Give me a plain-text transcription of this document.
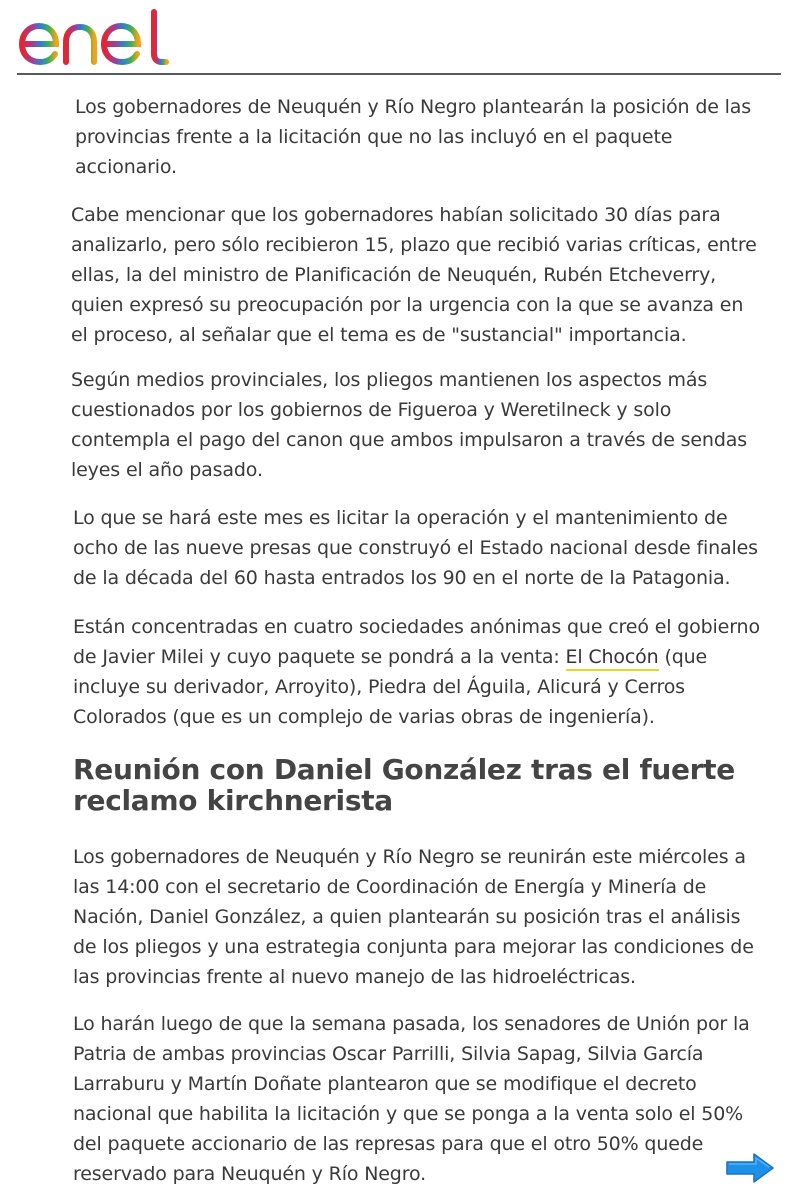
Los gobernadores de Neuquén y Río Negro plantearán la posición de las provincias frente a la licitación que no las incluyó en el paquete accionario.

Cabe mencionar que los gobernadores habían solicitado 30 días para analizarlo, pero sólo recibieron 15, plazo que recibió varias críticas, entre ellas, la del ministro de Planificación de Neuquén, Rubén Etcheverry, quien expresó su preocupación por la urgencia con la que se avanza en el proceso, al señalar que el tema es de "sustancial" importancia.

Según medios provinciales, los pliegos mantienen los aspectos más cuestionados por los gobiernos de Figueroa y Weretilneck y solo contempla el pago del canon que ambos impulsaron a través de sendas leyes el año pasado.

Lo que se hará este mes es licitar la operación y el mantenimiento de ocho de las nueve presas que construyó el Estado nacional desde finales de la década del 60 hasta entrados los 90 en el norte de la Patagonia.

Están concentradas en cuatro sociedades anónimas que creó el gobierno de Javier Milei y cuyo paquete se pondrá a la venta: El Chocón (que incluye su derivador, Arroyito), Piedra del Águila, Alicurá y Cerros Colorados (que es un complejo de varias obras de ingeniería).

Reunión con Daniel González tras el fuerte reclamo kirchnerista

Los gobernadores de Neuquén y Río Negro se reunirán este miércoles a las 14:00 con el secretario de Coordinación de Energía y Minería de Nación, Daniel González, a quien plantearán su posición tras el análisis de los pliegos y una estrategia conjunta para mejorar las condiciones de las provincias frente al nuevo manejo de las hidroeléctricas.

Lo harán luego de que la semana pasada, los senadores de Unión por la Patria de ambas provincias Oscar Parrilli, Silvia Sapag, Silvia García Larraburu y Martín Doñate plantearon que se modifique el decreto nacional que habilita la licitación y que se ponga a la venta solo el 50% del paquete accionario de las represas para que el otro 50% quede reservado para Neuquén y Río Negro.
